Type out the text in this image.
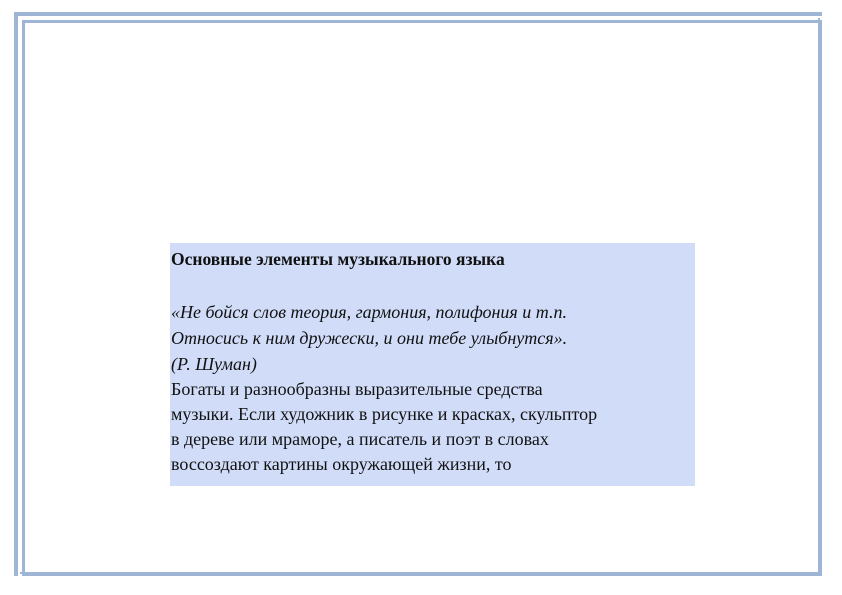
Основные элементы музыкального языка

«Не бойся слов теория, гармония, полифония и т.п.

Относись к ним дружески, и они тебе улыбнутся».

(Р. Шуман)

Богаты и разнообразны выразительные средства

музыки. Если художник в рисунке и красках, скульптор

в дереве или мраморе, а писатель и поэт в словах

воссоздают картины окружающей жизни, то
